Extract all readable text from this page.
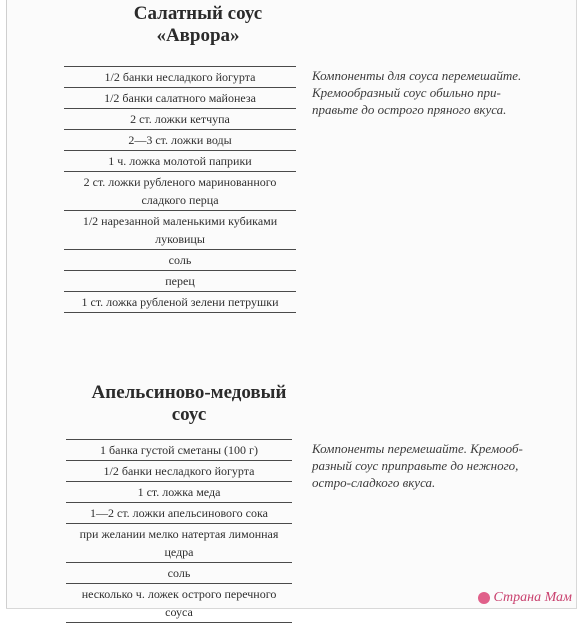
Салатный соус
«Аврора»
1/2 банки несладкого йогурта

1/2 банки салатного майонеза

2 ст. ложки кетчупа

2—3 ст. ложки воды

1 ч. ложка молотой паприки

2 ст. ложки рубленого маринованного
сладкого перца

1/2 нарезанной маленькими кубиками
луковицы

соль

перец

1 ст. ложка рубленой зелени петрушки
Компоненты для соуса перемешайте.
Кремообразный соус обильно при-
правьте до острого пряного вкуса.
Апельсиново-медовый
соус
1 банка густой сметаны (100 г)

1/2 банки несладкого йогурта

1 ст. ложка меда

1—2 ст. ложки апельсинового сока

при желании мелко натертая лимонная
цедра

соль

несколько ч. ложек острого перечного
соуса
Компоненты перемешайте. Кремооб-
разный соус приправьте до нежного,
остро-сладкого вкуса.
Страна Мам
